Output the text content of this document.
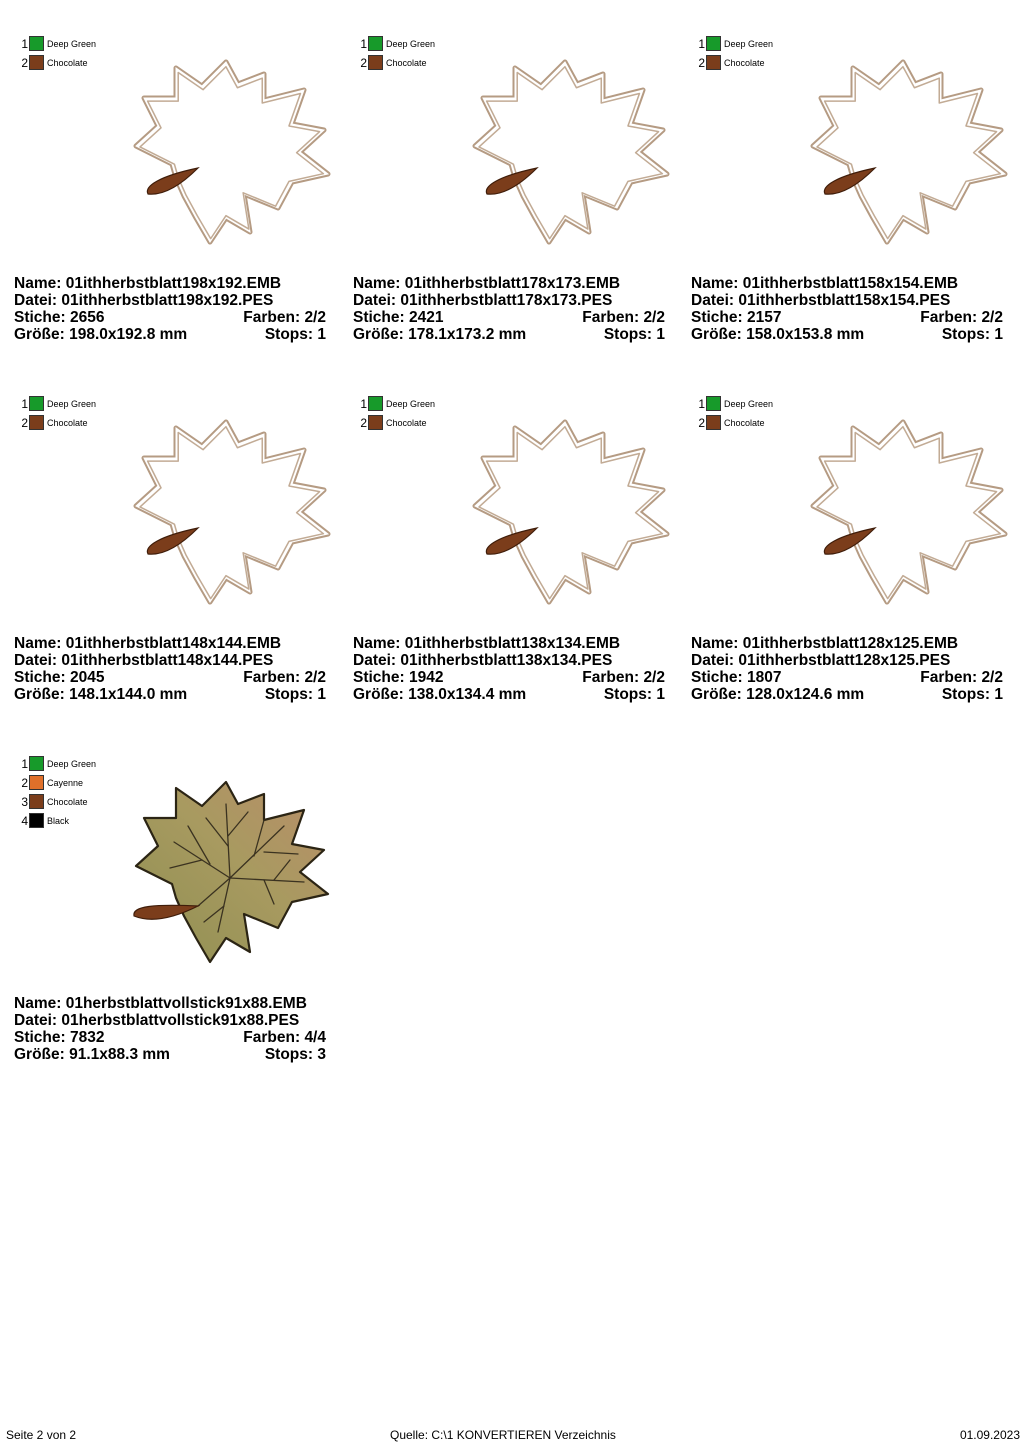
1 Deep Green
2 Chocolate
Name: 01ithherbstblatt198x192.EMB
Datei: 01ithherbstblatt198x192.PES
Stiche: 2656	Farben: 2/2
Größe: 198.0x192.8 mm	Stops: 1
1 Deep Green
2 Chocolate
Name: 01ithherbstblatt178x173.EMB
Datei: 01ithherbstblatt178x173.PES
Stiche: 2421	Farben: 2/2
Größe: 178.1x173.2 mm	Stops: 1
1 Deep Green
2 Chocolate
Name: 01ithherbstblatt158x154.EMB
Datei: 01ithherbstblatt158x154.PES
Stiche: 2157	Farben: 2/2
Größe: 158.0x153.8 mm	Stops: 1
1 Deep Green
2 Chocolate
Name: 01ithherbstblatt148x144.EMB
Datei: 01ithherbstblatt148x144.PES
Stiche: 2045	Farben: 2/2
Größe: 148.1x144.0 mm	Stops: 1
1 Deep Green
2 Chocolate
Name: 01ithherbstblatt138x134.EMB
Datei: 01ithherbstblatt138x134.PES
Stiche: 1942	Farben: 2/2
Größe: 138.0x134.4 mm	Stops: 1
1 Deep Green
2 Chocolate
Name: 01ithherbstblatt128x125.EMB
Datei: 01ithherbstblatt128x125.PES
Stiche: 1807	Farben: 2/2
Größe: 128.0x124.6 mm	Stops: 1
1 Deep Green
2 Cayenne
3 Chocolate
4 Black
Name: 01herbstblattvollstick91x88.EMB
Datei: 01herbstblattvollstick91x88.PES
Stiche: 7832	Farben: 4/4
Größe: 91.1x88.3 mm	Stops: 3
Seite 2 von 2	Quelle: C:\1 KONVERTIEREN Verzeichnis	01.09.2023
